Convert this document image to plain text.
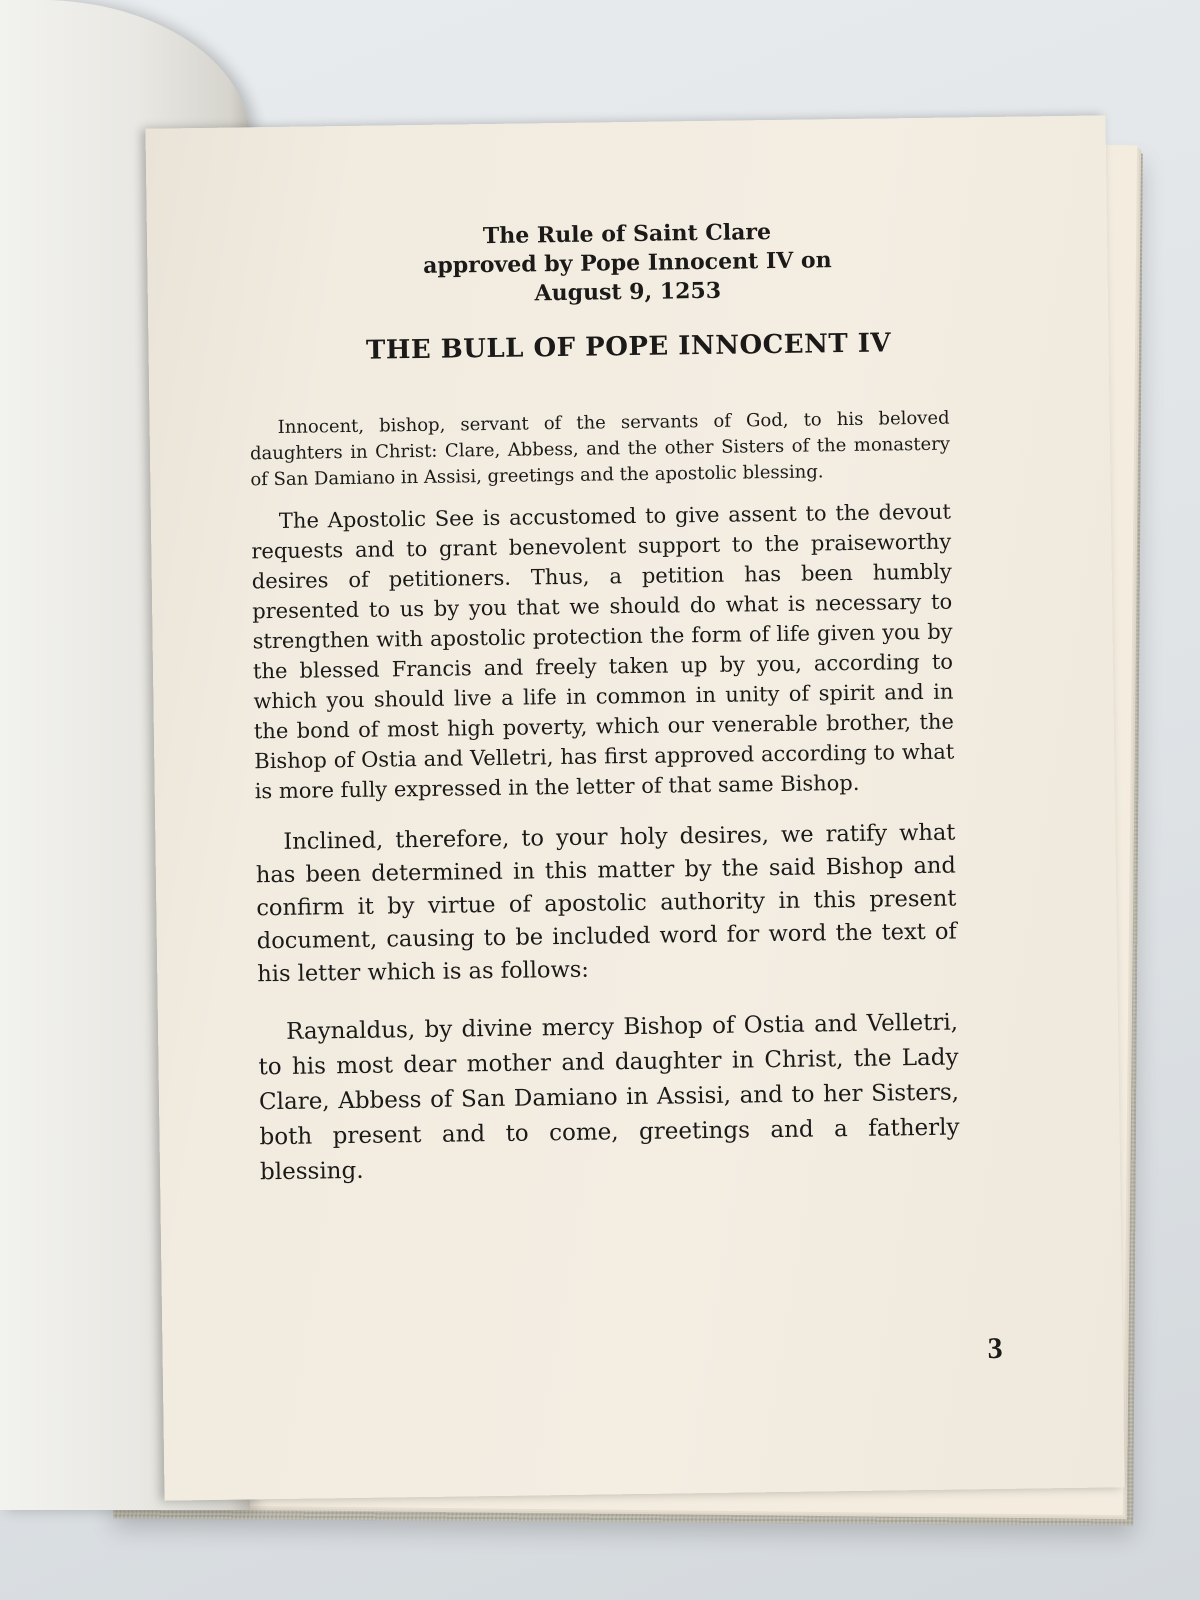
The Rule of Saint Clare
approved by Pope Innocent IV on
August 9, 1253
THE BULL OF POPE INNOCENT IV

Innocent, bishop, servant of the servants of God, to his beloved daughters in Christ: Clare, Abbess, and the other Sisters of the monastery of San Damiano in Assisi, greetings and the apostolic blessing.

The Apostolic See is accustomed to give assent to the devout requests and to grant benevolent support to the praiseworthy desires of petitioners. Thus, a petition has been humbly presented to us by you that we should do what is necessary to strengthen with apostolic protection the form of life given you by the blessed Francis and freely taken up by you, according to which you should live a life in common in unity of spirit and in the bond of most high poverty, which our venerable brother, the Bishop of Ostia and Velletri, has first approved according to what is more fully expressed in the letter of that same Bishop.

Inclined, therefore, to your holy desires, we ratify what has been determined in this matter by the said Bishop and confirm it by virtue of apostolic authority in this present document, causing to be included word for word the text of his letter which is as follows:

Raynaldus, by divine mercy Bishop of Ostia and Velletri, to his most dear mother and daughter in Christ, the Lady Clare, Abbess of San Damiano in Assisi, and to her Sisters, both present and to come, greetings and a fatherly blessing.

3
